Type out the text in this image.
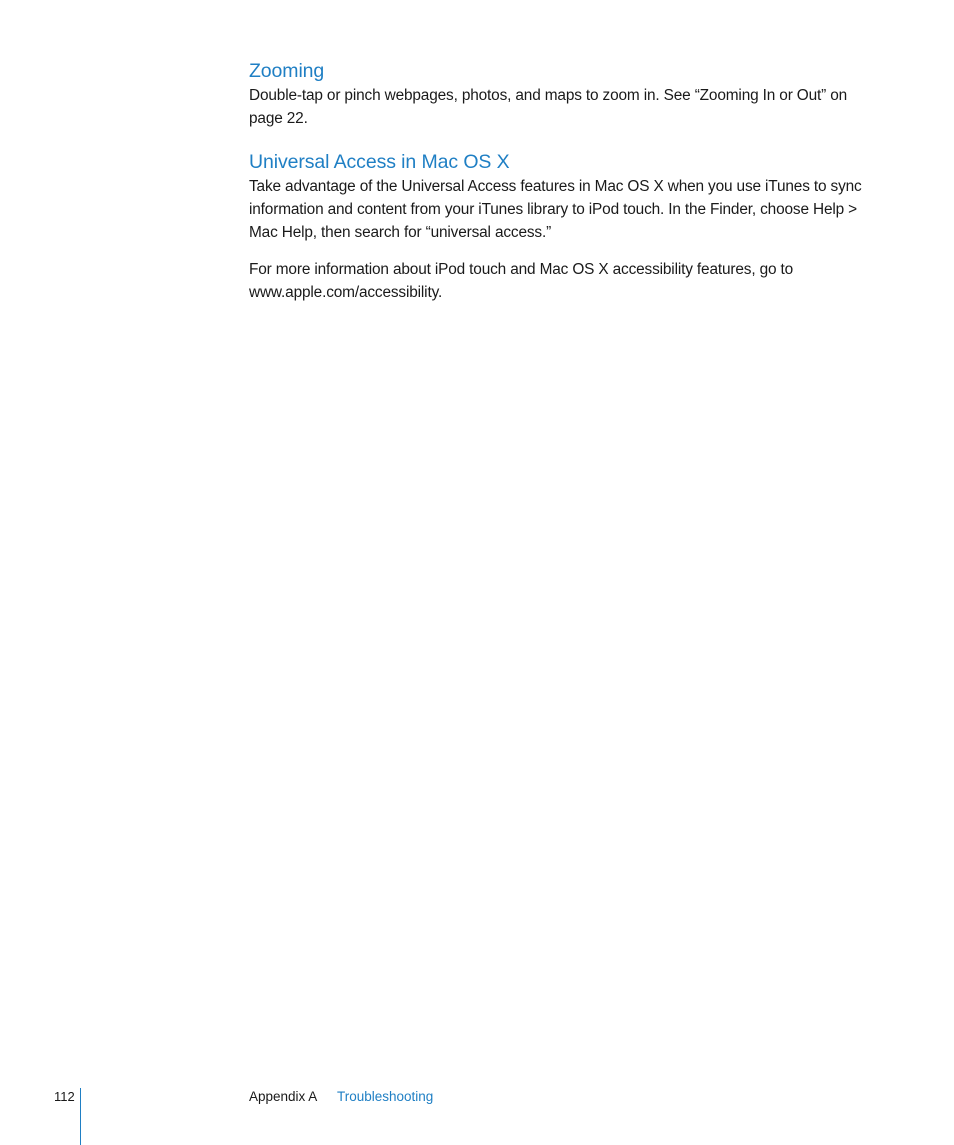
Zooming

Double-tap or pinch webpages, photos, and maps to zoom in. See “Zooming In or Out” on page 22.

Universal Access in Mac OS X

Take advantage of the Universal Access features in Mac OS X when you use iTunes to sync information and content from your iTunes library to iPod touch. In the Finder, choose Help > Mac Help, then search for “universal access.”

For more information about iPod touch and Mac OS X accessibility features, go to www.apple.com/accessibility.

112	Appendix A Troubleshooting
